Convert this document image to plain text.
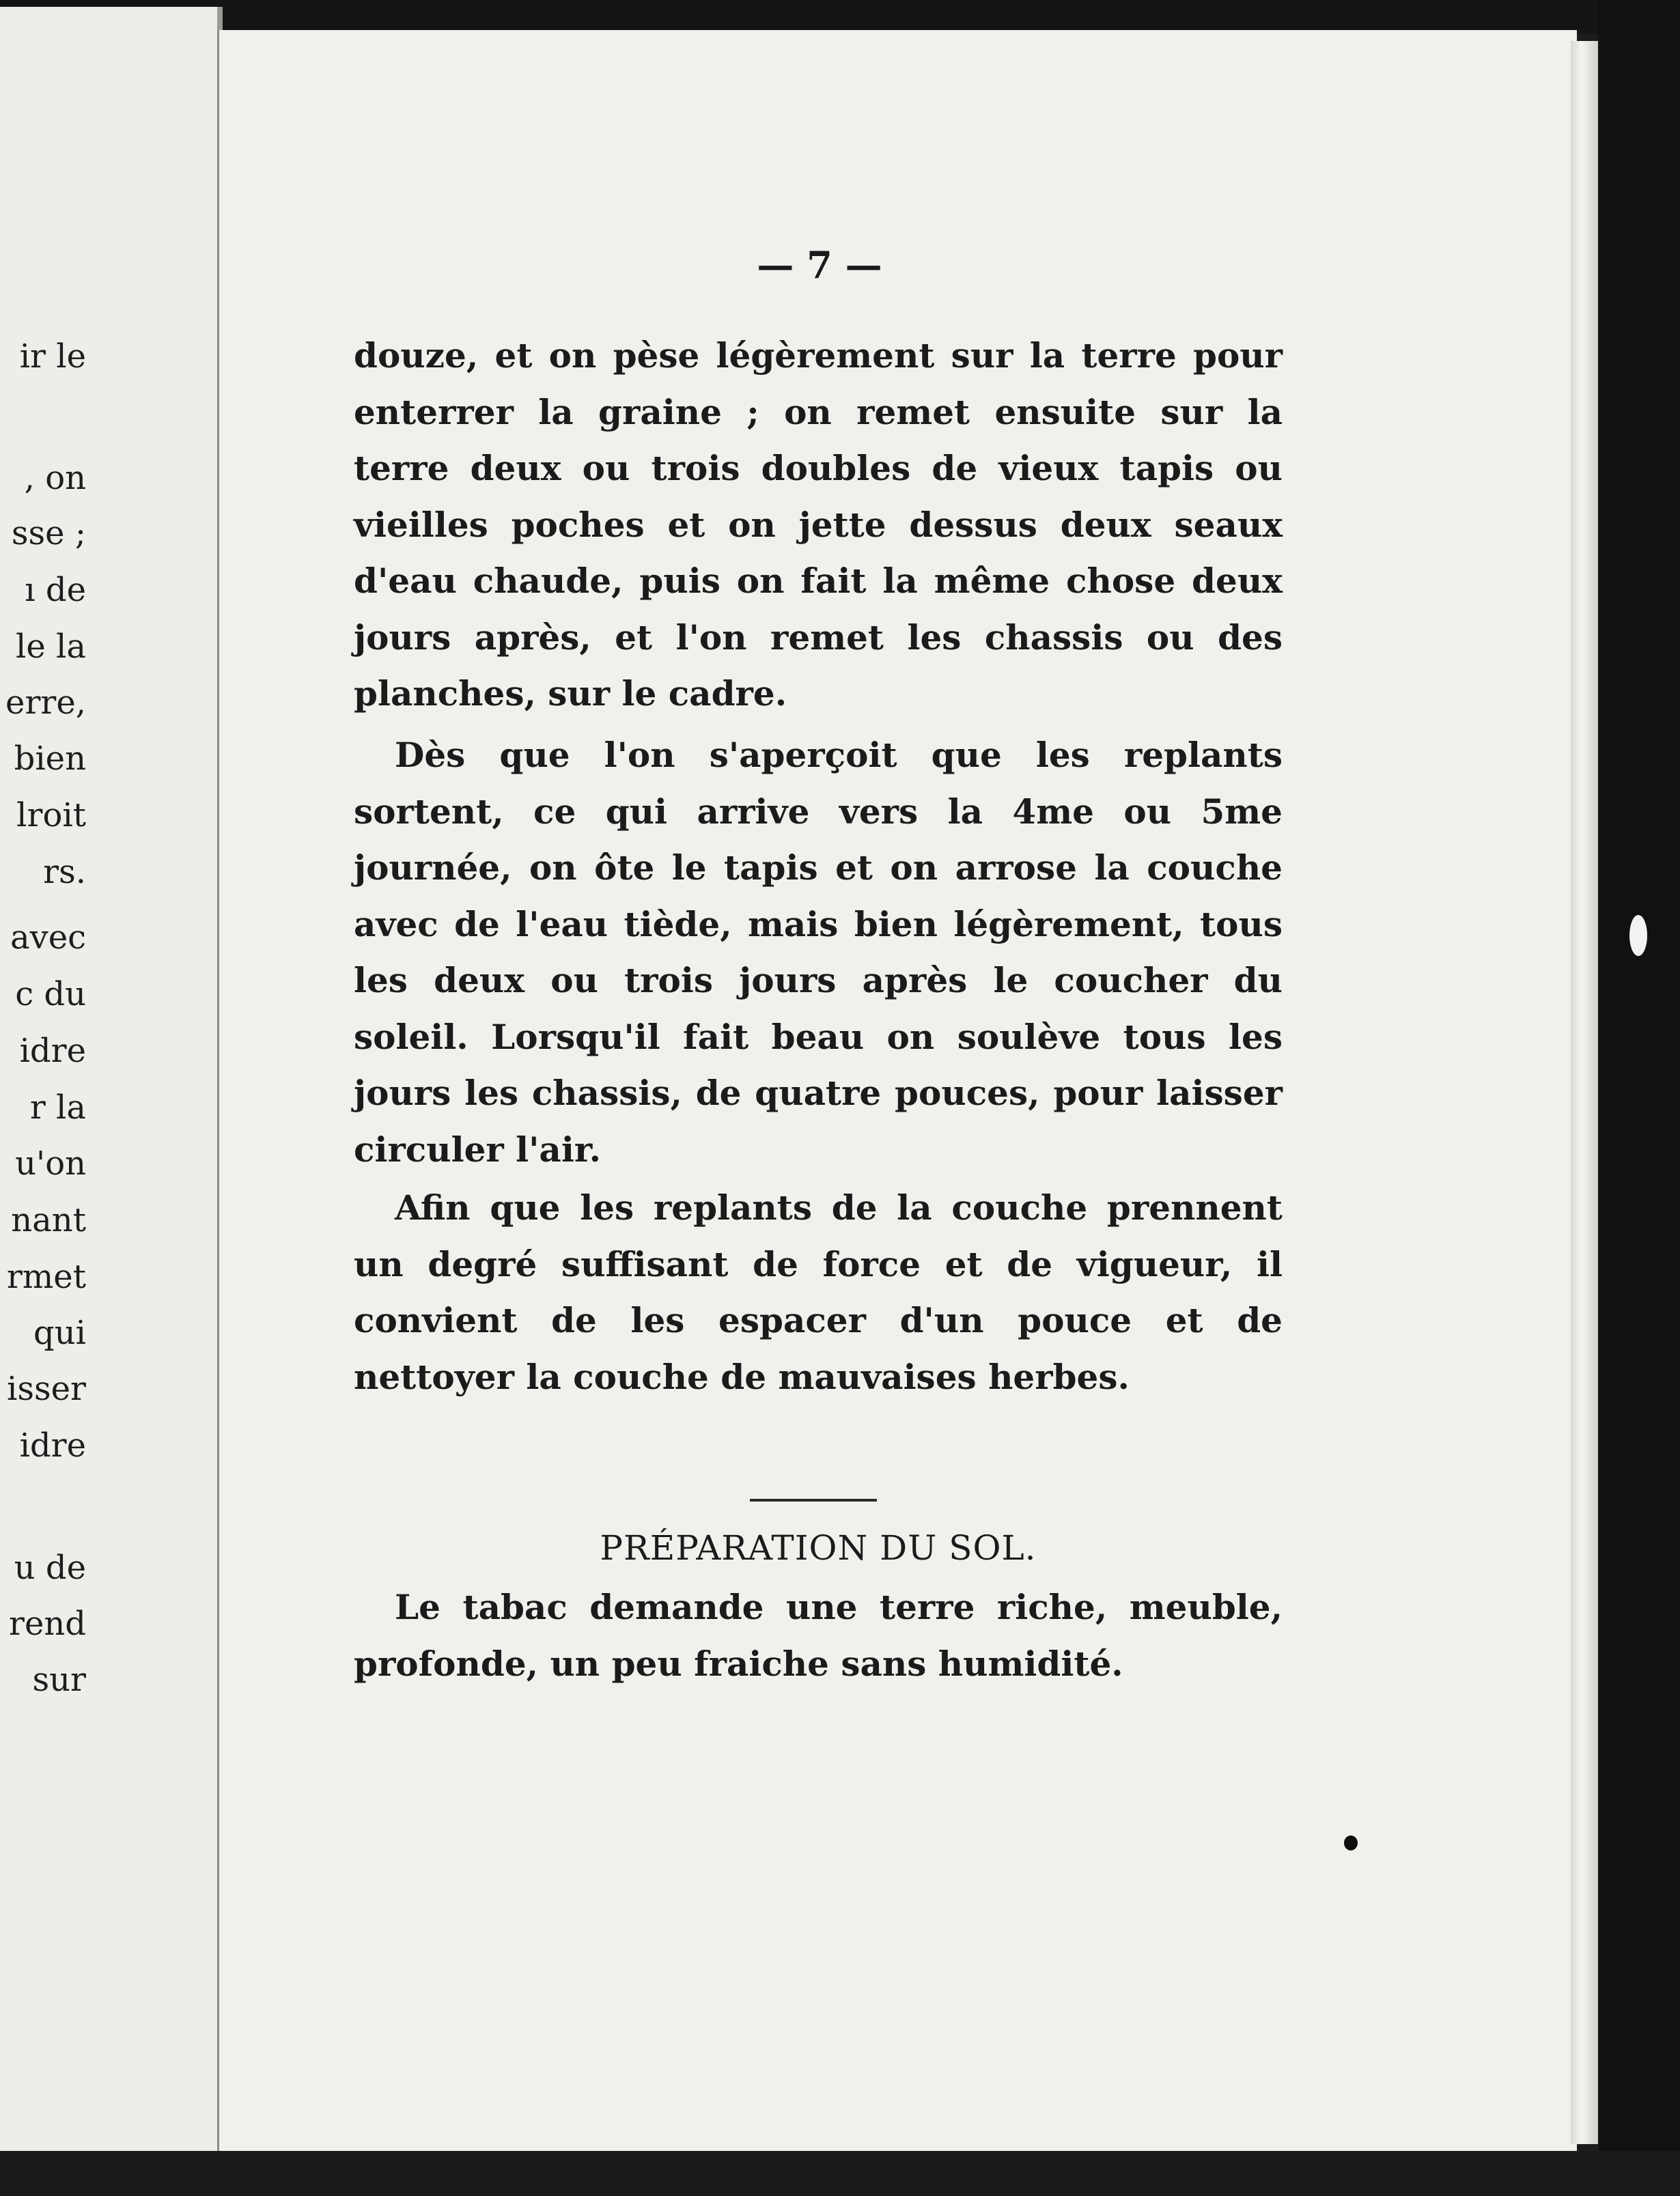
ir le
, on
sse ;
ı de
le la
erre,
bien
lroit
rs.
avec
c du
idre
r la
u'on
nant
rmet
qui
isser
idre
u de
rend
sur
— 7 —

douze, et on pèse légèrement sur la terre pour enterrer la graine ; on remet ensuite sur la terre deux ou trois doubles de vieux tapis ou vieilles poches et on jette dessus deux seaux d'eau chaude, puis on fait la même chose deux jours après, et l'on remet les chassis ou des planches, sur le cadre.

Dès que l'on s'aperçoit que les replants sortent, ce qui arrive vers la 4me ou 5me journée, on ôte le tapis et on arrose la couche avec de l'eau tiède, mais bien légèrement, tous les deux ou trois jours après le coucher du soleil. Lorsqu'il fait beau on soulève tous les jours les chassis, de quatre pouces, pour laisser circuler l'air.

Afin que les replants de la couche prennent un degré suffisant de force et de vigueur, il convient de les espacer d'un pouce et de nettoyer la couche de mauvaises herbes.

PRÉPARATION DU SOL.

Le tabac demande une terre riche, meuble, profonde, un peu fraiche sans humidité.
